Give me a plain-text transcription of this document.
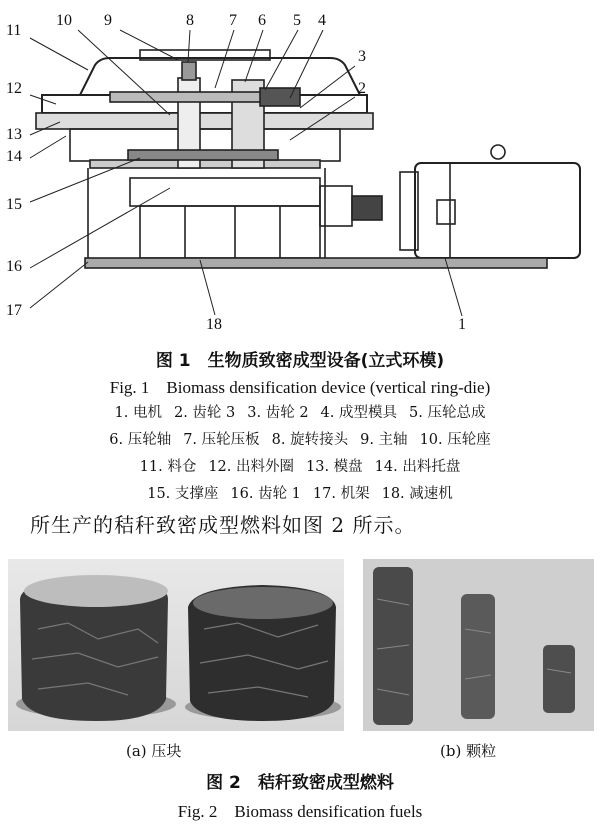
11
10 9	8 7 6 5 4
3
2
12
13
14
15
16
17
18	1
图 1　生物质致密成型设备(立式环模)
Fig. 1　Biomass densification device (vertical ring-die)
1. 电机 2. 齿轮 3 3. 齿轮 2 4. 成型模具 5. 压轮总成
6. 压轮轴 7. 压轮压板 8. 旋转接头 9. 主轴 10. 压轮座
11. 料仓 12. 出料外圈 13. 模盘 14. 出料托盘
15. 支撑座 16. 齿轮 1 17. 机架 18. 减速机
所生产的秸秆致密成型燃料如图 2 所示。
(a) 压块	(b) 颗粒
图 2　秸秆致密成型燃料
Fig. 2　Biomass densification fuels
